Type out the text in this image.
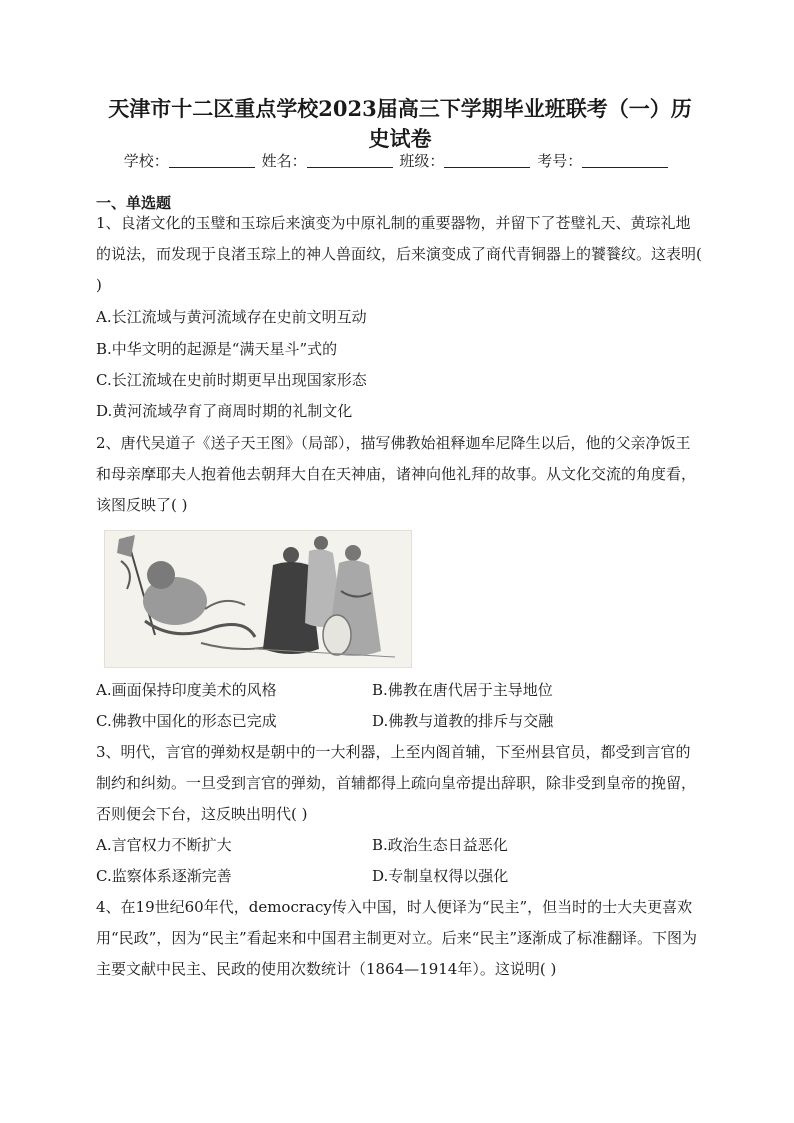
天津市十二区重点学校2023届高三下学期毕业班联考（一）历史试卷
学校：	姓名：	班级：	考号：
一、单选题
1、良渚文化的玉璧和玉琮后来演变为中原礼制的重要器物，并留下了苍璧礼天、黄琮礼地的说法，而发现于良渚玉琮上的神人兽面纹，后来演变成了商代青铜器上的饕餮纹。这表明( )
A.长江流域与黄河流域存在史前文明互动
B.中华文明的起源是“满天星斗”式的
C.长江流域在史前时期更早出现国家形态
D.黄河流域孕育了商周时期的礼制文化
2、唐代吴道子《送子天王图》（局部），描写佛教始祖释迦牟尼降生以后，他的父亲净饭王和母亲摩耶夫人抱着他去朝拜大自在天神庙，诸神向他礼拜的故事。从文化交流的角度看，该图反映了( )
A.画面保持印度美术的风格	B.佛教在唐代居于主导地位
C.佛教中国化的形态已完成	D.佛教与道教的排斥与交融
3、明代，言官的弹劾权是朝中的一大利器，上至内阁首辅，下至州县官员，都受到言官的制约和纠劾。一旦受到言官的弹劾，首辅都得上疏向皇帝提出辞职，除非受到皇帝的挽留，否则便会下台，这反映出明代( )
A.言官权力不断扩大	B.政治生态日益恶化
C.监察体系逐渐完善	D.专制皇权得以强化
4、在19世纪60年代，democracy传入中国，时人便译为“民主”，但当时的士大夫更喜欢用“民政”，因为“民主”看起来和中国君主制更对立。后来“民主”逐渐成了标准翻译。下图为主要文献中民主、民政的使用次数统计（1864—1914年）。这说明( )
